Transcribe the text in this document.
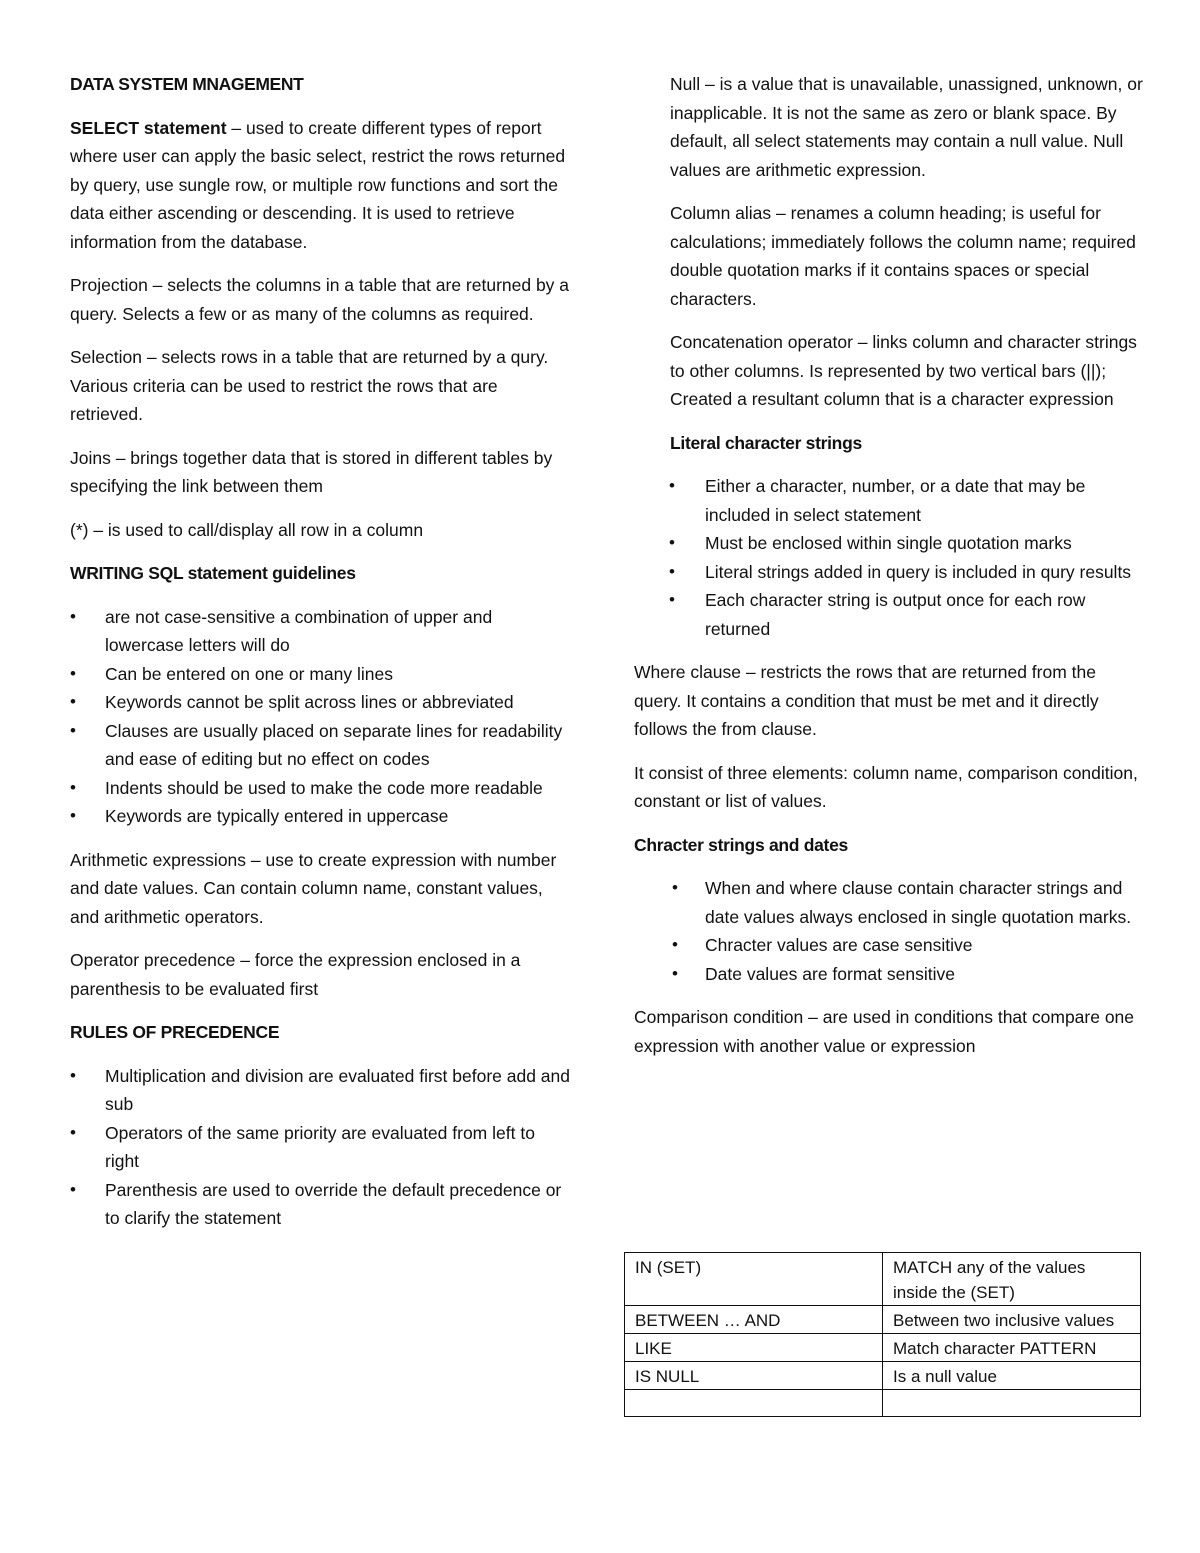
DATA SYSTEM MNAGEMENT

SELECT statement – used to create different types of report where user can apply the basic select, restrict the rows returned by query, use sungle row, or multiple row functions and sort the data either ascending or descending. It is used to retrieve information from the database.

Projection – selects the columns in a table that are returned by a query. Selects a few or as many of the columns as required.

Selection – selects rows in a table that are returned by a qury. Various criteria can be used to restrict the rows that are retrieved.

Joins – brings together data that is stored in different tables by specifying the link between them

(*) – is used to call/display all row in a column

WRITING SQL statement guidelines
• are not case-sensitive a combination of upper and lowercase letters will do
• Can be entered on one or many lines
• Keywords cannot be split across lines or abbreviated
• Clauses are usually placed on separate lines for readability and ease of editing but no effect on codes
• Indents should be used to make the code more readable
• Keywords are typically entered in uppercase

Arithmetic expressions – use to create expression with number and date values. Can contain column name, constant values, and arithmetic operators.

Operator precedence – force the expression enclosed in a parenthesis to be evaluated first

RULES OF PRECEDENCE
• Multiplication and division are evaluated first before add and sub
• Operators of the same priority are evaluated from left to right
• Parenthesis are used to override the default precedence or to clarify the statement

Null – is a value that is unavailable, unassigned, unknown, or inapplicable. It is not the same as zero or blank space. By default, all select statements may contain a null value. Null values are arithmetic expression.

Column alias – renames a column heading; is useful for calculations; immediately follows the column name; required double quotation marks if it contains spaces or special characters.

Concatenation operator – links column and character strings to other columns. Is represented by two vertical bars (||); Created a resultant column that is a character expression

Literal character strings
• Either a character, number, or a date that may be included in select statement
• Must be enclosed within single quotation marks
• Literal strings added in query is included in qury results
• Each character string is output once for each row returned

Where clause – restricts the rows that are returned from the query. It contains a condition that must be met and it directly follows the from clause.

It consist of three elements: column name, comparison condition, constant or list of values.

Chracter strings and dates
• When and where clause contain character strings and date values always enclosed in single quotation marks.
• Chracter values are case sensitive
• Date values are format sensitive

Comparison condition – are used in conditions that compare one expression with another value or expression

IN (SET)	MATCH any of the values inside the (SET)
BETWEEN … AND	Between two inclusive values
LIKE	Match character PATTERN
IS NULL	Is a null value
